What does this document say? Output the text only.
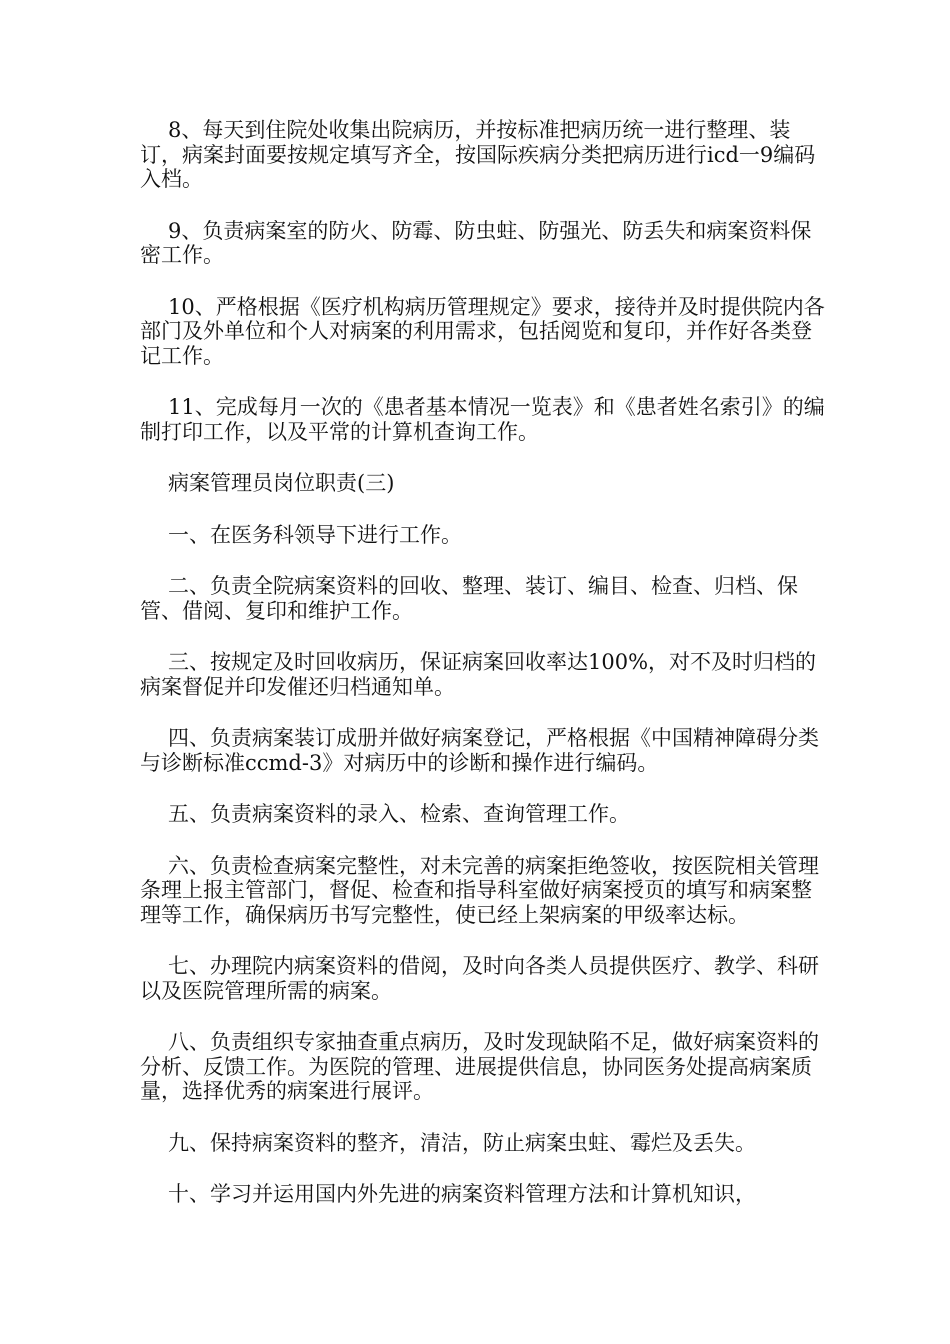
8、每天到住院处收集出院病历，并按标准把病历统一进行整理、装订，病案封面要按规定填写齐全，按国际疾病分类把病历进行icd一9编码入档。

9、负责病案室的防火、防霉、防虫蛀、防强光、防丢失和病案资料保密工作。

10、严格根据《医疗机构病历管理规定》要求，接待并及时提供院内各部门及外单位和个人对病案的利用需求，包括阅览和复印，并作好各类登记工作。

11、完成每月一次的《患者基本情况一览表》和《患者姓名索引》的编制打印工作，以及平常的计算机查询工作。

病案管理员岗位职责(三)

一、在医务科领导下进行工作。

二、负责全院病案资料的回收、整理、装订、编目、检查、归档、保管、借阅、复印和维护工作。

三、按规定及时回收病历，保证病案回收率达100%，对不及时归档的病案督促并印发催还归档通知单。

四、负责病案装订成册并做好病案登记，严格根据《中国精神障碍分类与诊断标准ccmd-3》对病历中的诊断和操作进行编码。

五、负责病案资料的录入、检索、查询管理工作。

六、负责检查病案完整性，对未完善的病案拒绝签收，按医院相关管理条理上报主管部门，督促、检查和指导科室做好病案授页的填写和病案整理等工作，确保病历书写完整性，使已经上架病案的甲级率达标。

七、办理院内病案资料的借阅，及时向各类人员提供医疗、教学、科研以及医院管理所需的病案。

八、负责组织专家抽查重点病历，及时发现缺陷不足，做好病案资料的分析、反馈工作。为医院的管理、进展提供信息，协同医务处提高病案质量，选择优秀的病案进行展评。

九、保持病案资料的整齐，清洁，防止病案虫蛀、霉烂及丢失。

十、学习并运用国内外先进的病案资料管理方法和计算机知识，
